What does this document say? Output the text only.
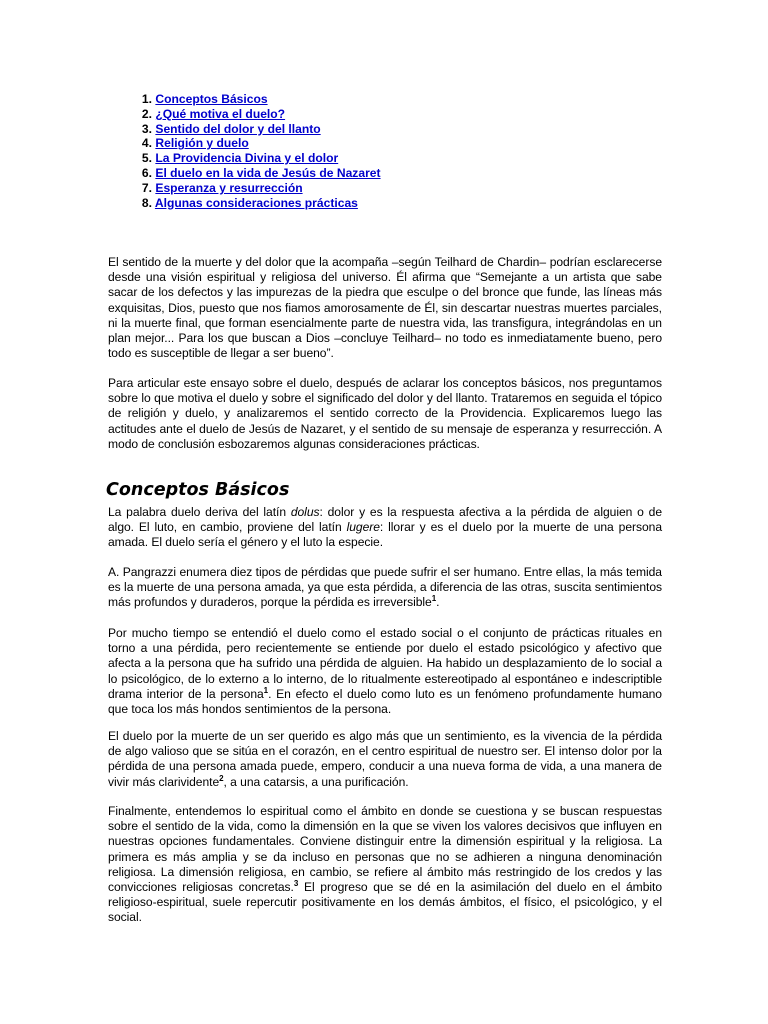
1. Conceptos Básicos
2. ¿Qué motiva el duelo?
3. Sentido del dolor y del llanto
4. Religión y duelo
5. La Providencia Divina y el dolor
6. El duelo en la vida de Jesús de Nazaret
7. Esperanza y resurrección
8. Algunas consideraciones prácticas

El sentido de la muerte y del dolor que la acompaña –según Teilhard de Chardin– podrían esclarecerse desde una visión espiritual y religiosa del universo. Él afirma que “Semejante a un artista que sabe sacar de los defectos y las impurezas de la piedra que esculpe o del bronce que funde, las líneas más exquisitas, Dios, puesto que nos fiamos amorosamente de Él, sin descartar nuestras muertes parciales, ni la muerte final, que forman esencialmente parte de nuestra vida, las transfigura, integrándolas en un plan mejor... Para los que buscan a Dios –concluye Teilhard– no todo es inmediatamente bueno, pero todo es susceptible de llegar a ser bueno”.

Para articular este ensayo sobre el duelo, después de aclarar los conceptos básicos, nos preguntamos sobre lo que motiva el duelo y sobre el significado del dolor y del llanto. Trataremos en seguida el tópico de religión y duelo, y analizaremos el sentido correcto de la Providencia. Explicaremos luego las actitudes ante el duelo de Jesús de Nazaret, y el sentido de su mensaje de esperanza y resurrección. A modo de conclusión esbozaremos algunas consideraciones prácticas.

Conceptos Básicos

La palabra duelo deriva del latín dolus: dolor y es la respuesta afectiva a la pérdida de alguien o de algo. El luto, en cambio, proviene del latín lugere: llorar y es el duelo por la muerte de una persona amada. El duelo sería el género y el luto la especie.

A. Pangrazzi enumera diez tipos de pérdidas que puede sufrir el ser humano. Entre ellas, la más temida es la muerte de una persona amada, ya que esta pérdida, a diferencia de las otras, suscita sentimientos más profundos y duraderos, porque la pérdida es irreversible$^1$.

Por mucho tiempo se entendió el duelo como el estado social o el conjunto de prácticas rituales en torno a una pérdida, pero recientemente se entiende por duelo el estado psicológico y afectivo que afecta a la persona que ha sufrido una pérdida de alguien. Ha habido un desplazamiento de lo social a lo psicológico, de lo externo a lo interno, de lo ritualmente estereotipado al espontáneo e indescriptible drama interior de la persona$^1$. En efecto el duelo como luto es un fenómeno profundamente humano que toca los más hondos sentimientos de la persona.

El duelo por la muerte de un ser querido es algo más que un sentimiento, es la vivencia de la pérdida de algo valioso que se sitúa en el corazón, en el centro espiritual de nuestro ser. El intenso dolor por la pérdida de una persona amada puede, empero, conducir a una nueva forma de vida, a una manera de vivir más clarividente$^2$, a una catarsis, a una purificación.

Finalmente, entendemos lo espiritual como el ámbito en donde se cuestiona y se buscan respuestas sobre el sentido de la vida, como la dimensión en la que se viven los valores decisivos que influyen en nuestras opciones fundamentales. Conviene distinguir entre la dimensión espiritual y la religiosa. La primera es más amplia y se da incluso en personas que no se adhieren a ninguna denominación religiosa. La dimensión religiosa, en cambio, se refiere al ámbito más restringido de los credos y las convicciones religiosas concretas.$^3$ El progreso que se dé en la asimilación del duelo en el ámbito religioso-espiritual, suele repercutir positivamente en los demás ámbitos, el físico, el psicológico, y el social.
